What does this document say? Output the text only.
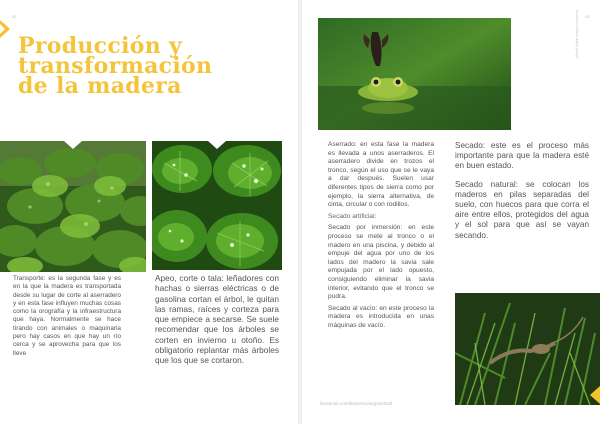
02
Producción y
transformación
de la madera

Transporte: es la segunda fase y es en la que la madera es transportada desde su lugar de corte al aserradero y en esta fase influyen muchas cosas como la orografía y la infraestructura que haya. Normalmente se hace tirando con animales o maquinaria pero hay casos en que hay un río cerca y se aprovecha para que los lleve

Apeo, corte o tala: leñadores con hachas o sierras eléctricas o de gasolina cortan el árbol, le quitan las ramas, raíces y corteza para que empiece a secarse. Se suele recomendar que los árboles se corten en invierno u otoño. Es obligatorio replantar más árboles que los que se cortaron.

03

Aserrado: en esta fase la madera es llevada a unos aserraderos. El aserradero divide en trozos el tronco, según el uso que se le vaya a dar después. Suelen usar diferentes tipos de sierra como por ejemplo, la sierra alternativa, de cinta, circular o con rodillos.

Secado artificial:

Secado por inmersión: en este proceso se mete al tronco o el madero en una piscina, y debido al empuje del agua por uno de los lados del madero la savia sale empujada por el lado opuesto, consiguiendo eliminar la savia interior, evitando que el tronco se pudra.

Secado al vacío: en este proceso la madera es introducida en unas máquinas de vacío.

Secado: este es el proceso más importante para que la madera esté en buen estado.

Secado natural: se colocan los maderos en pilas separadas del suelo, con huecos para que corra el aire entre ellos, protegidos del agua y el sol para que así se vayan secando.

Mosat digital maginis contents ·
facebook.com/brainmovie/gorisrtsdl
